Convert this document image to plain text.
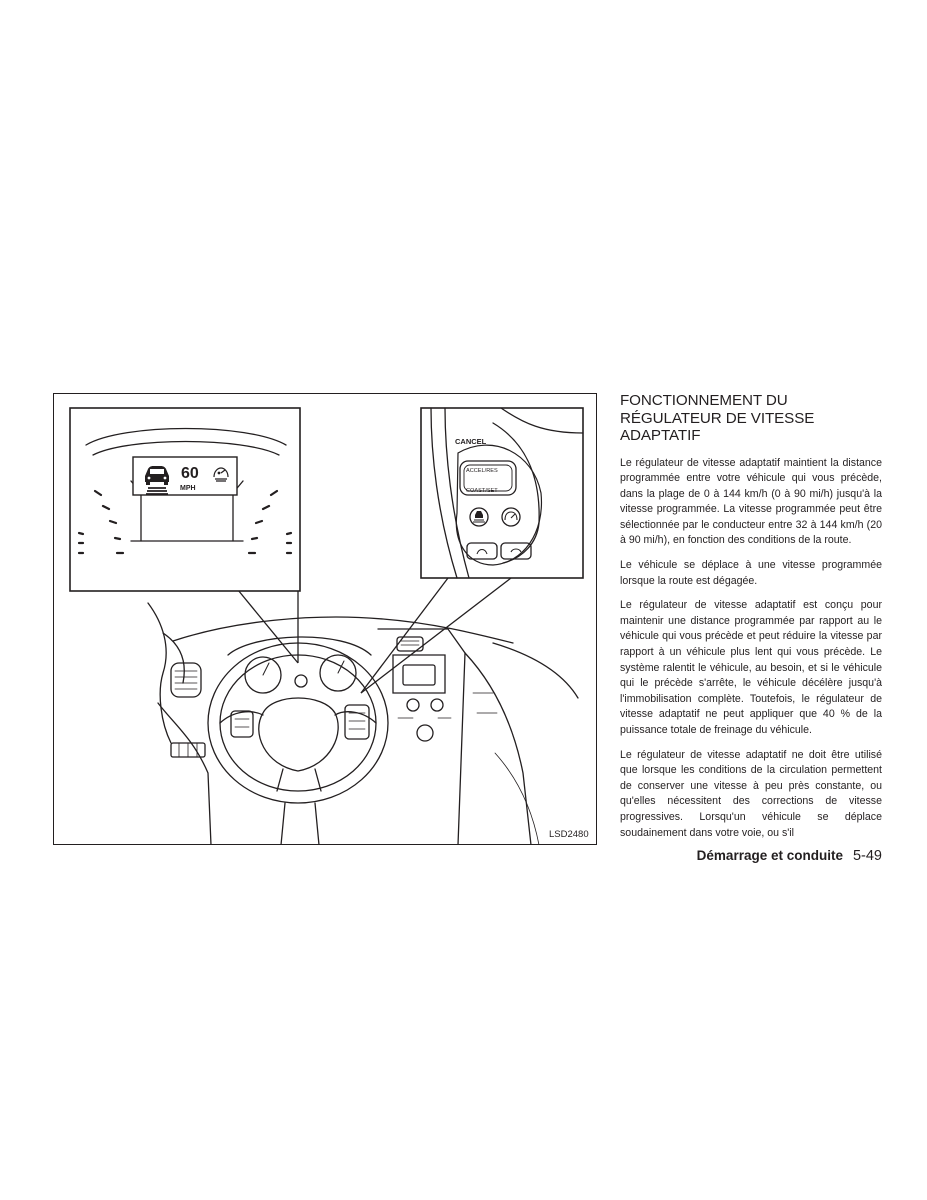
60
MPH
CANCEL
ACCEL/RES
COAST/SET
LSD2480
FONCTIONNEMENT DU
RÉGULATEUR DE VITESSE
ADAPTATIF

Le régulateur de vitesse adaptatif maintient la distance programmée entre votre véhicule qui vous précède, dans la plage de 0 à 144 km/h (0 à 90 mi/h) jusqu'à la vitesse programmée. La vitesse programmée peut être sélectionnée par le conducteur entre 32 à 144 km/h (20 à 90 mi/h), en fonction des conditions de la route.

Le véhicule se déplace à une vitesse programmée lorsque la route est dégagée.

Le régulateur de vitesse adaptatif est conçu pour maintenir une distance programmée par rapport au le véhicule qui vous précède et peut réduire la vitesse par rapport à un véhicule plus lent qui vous précède. Le système ralentit le véhicule, au besoin, et si le véhicule qui le précède s'arrête, le véhicule décélère jusqu'à l'immobilisation complète. Toutefois, le régulateur de vitesse adaptatif ne peut appliquer que 40 % de la puissance totale de freinage du véhicule.

Le régulateur de vitesse adaptatif ne doit être utilisé que lorsque les conditions de la circulation permettent de conserver une vitesse à peu près constante, ou qu'elles nécessitent des corrections de vitesse progressives. Lorsqu'un véhicule se déplace soudainement dans votre voie, ou s'il

Démarrage et conduite 5-49
